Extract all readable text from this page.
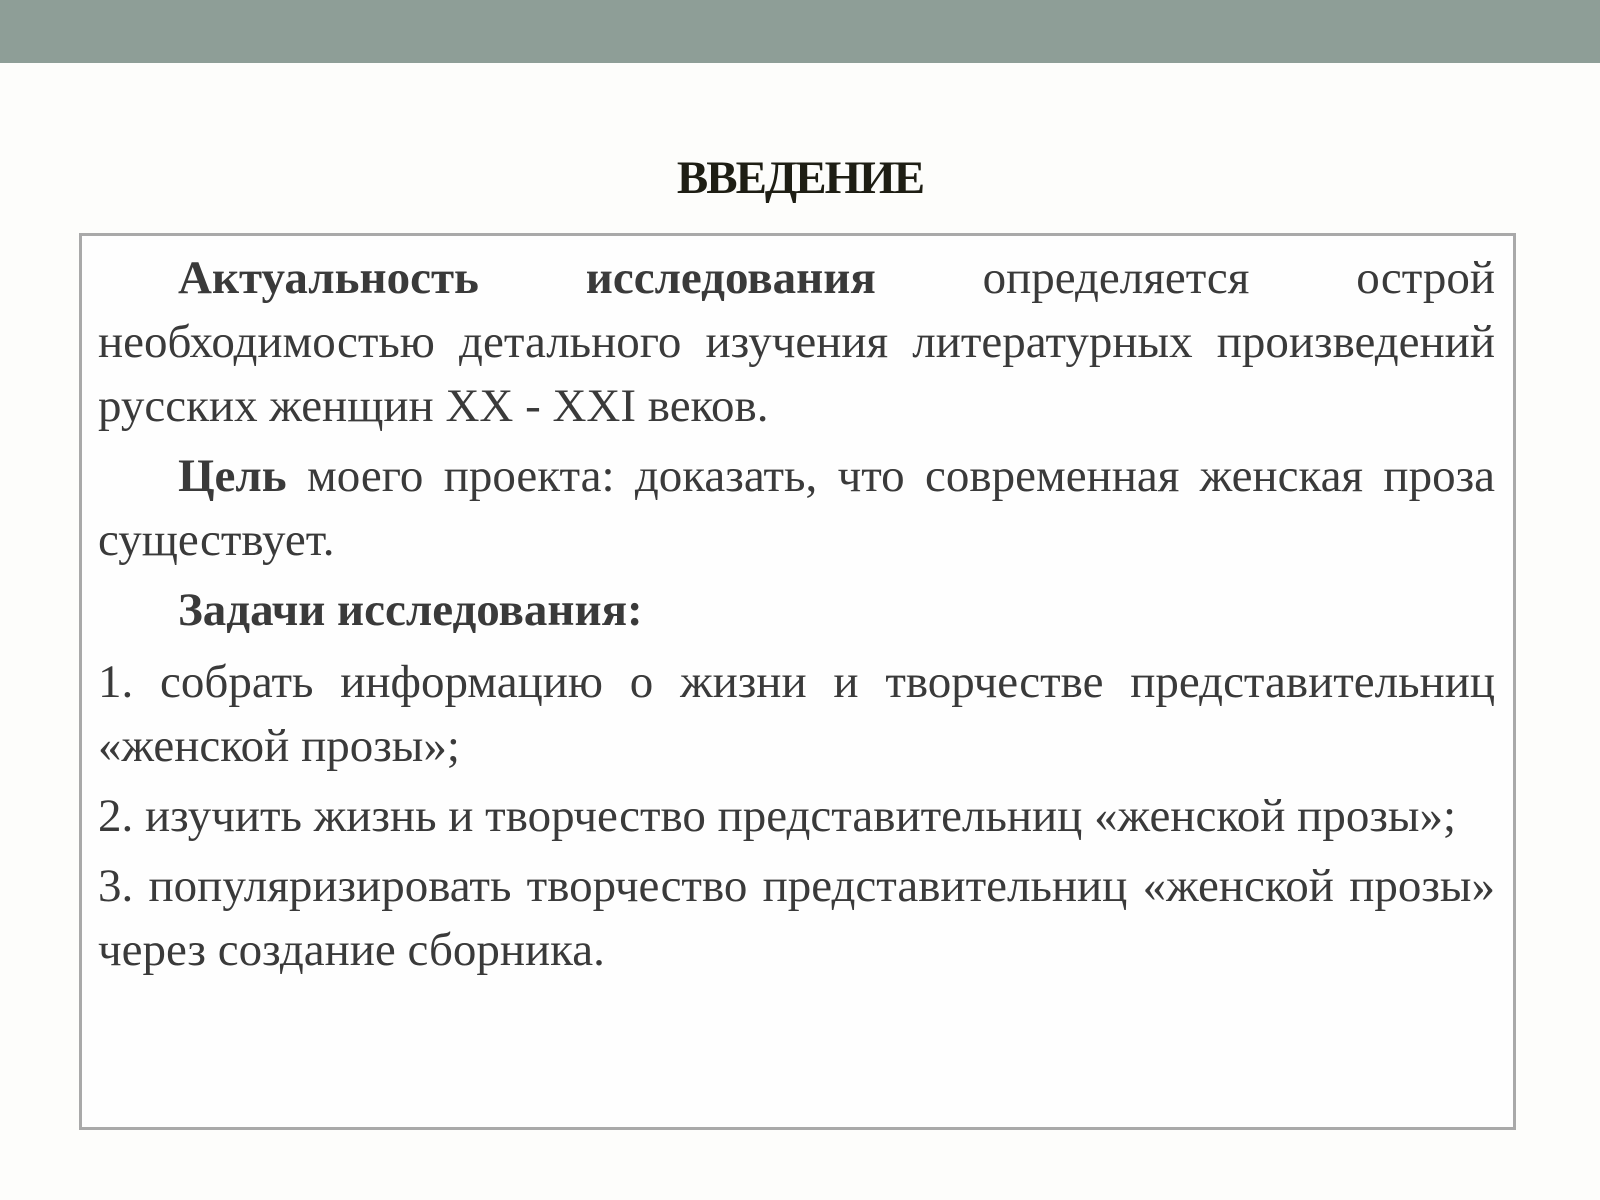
ВВЕДЕНИЕ

Актуальность исследования определяется острой необходимостью детального изучения литературных произведений русских женщин XX - XXI веков.

Цель моего проекта: доказать, что современная женская проза существует.

Задачи исследования:

1. собрать информацию о жизни и творчестве представительниц «женской прозы»;

2. изучить жизнь и творчество представительниц «женской прозы»;

3. популяризировать творчество представительниц «женской прозы» через создание сборника.
